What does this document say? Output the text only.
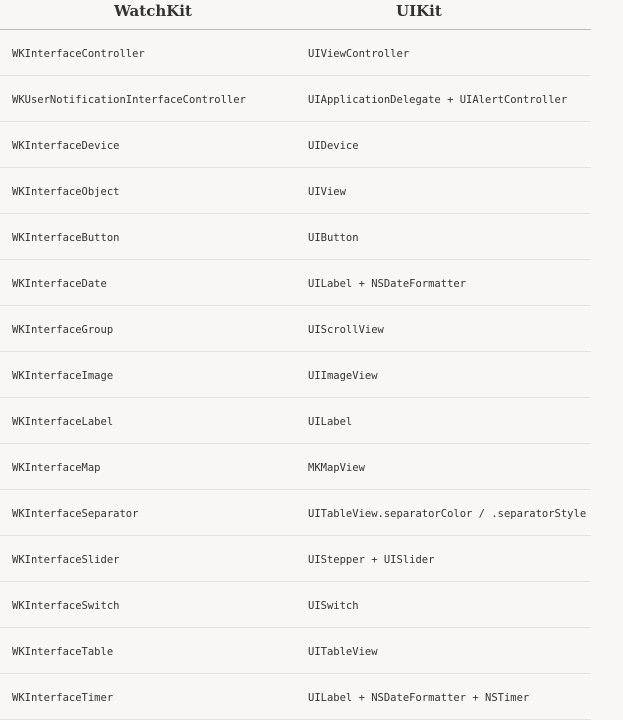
WatchKit	UIKit
WKInterfaceController	UIViewController
WKUserNotificationInterfaceController	UIApplicationDelegate + UIAlertController
WKInterfaceDevice	UIDevice
WKInterfaceObject	UIView
WKInterfaceButton	UIButton
WKInterfaceDate	UILabel + NSDateFormatter
WKInterfaceGroup	UIScrollView
WKInterfaceImage	UIImageView
WKInterfaceLabel	UILabel
WKInterfaceMap	MKMapView
WKInterfaceSeparator	UITableView.separatorColor / .separatorStyle
WKInterfaceSlider	UIStepper + UISlider
WKInterfaceSwitch	UISwitch
WKInterfaceTable	UITableView
WKInterfaceTimer	UILabel + NSDateFormatter + NSTimer
